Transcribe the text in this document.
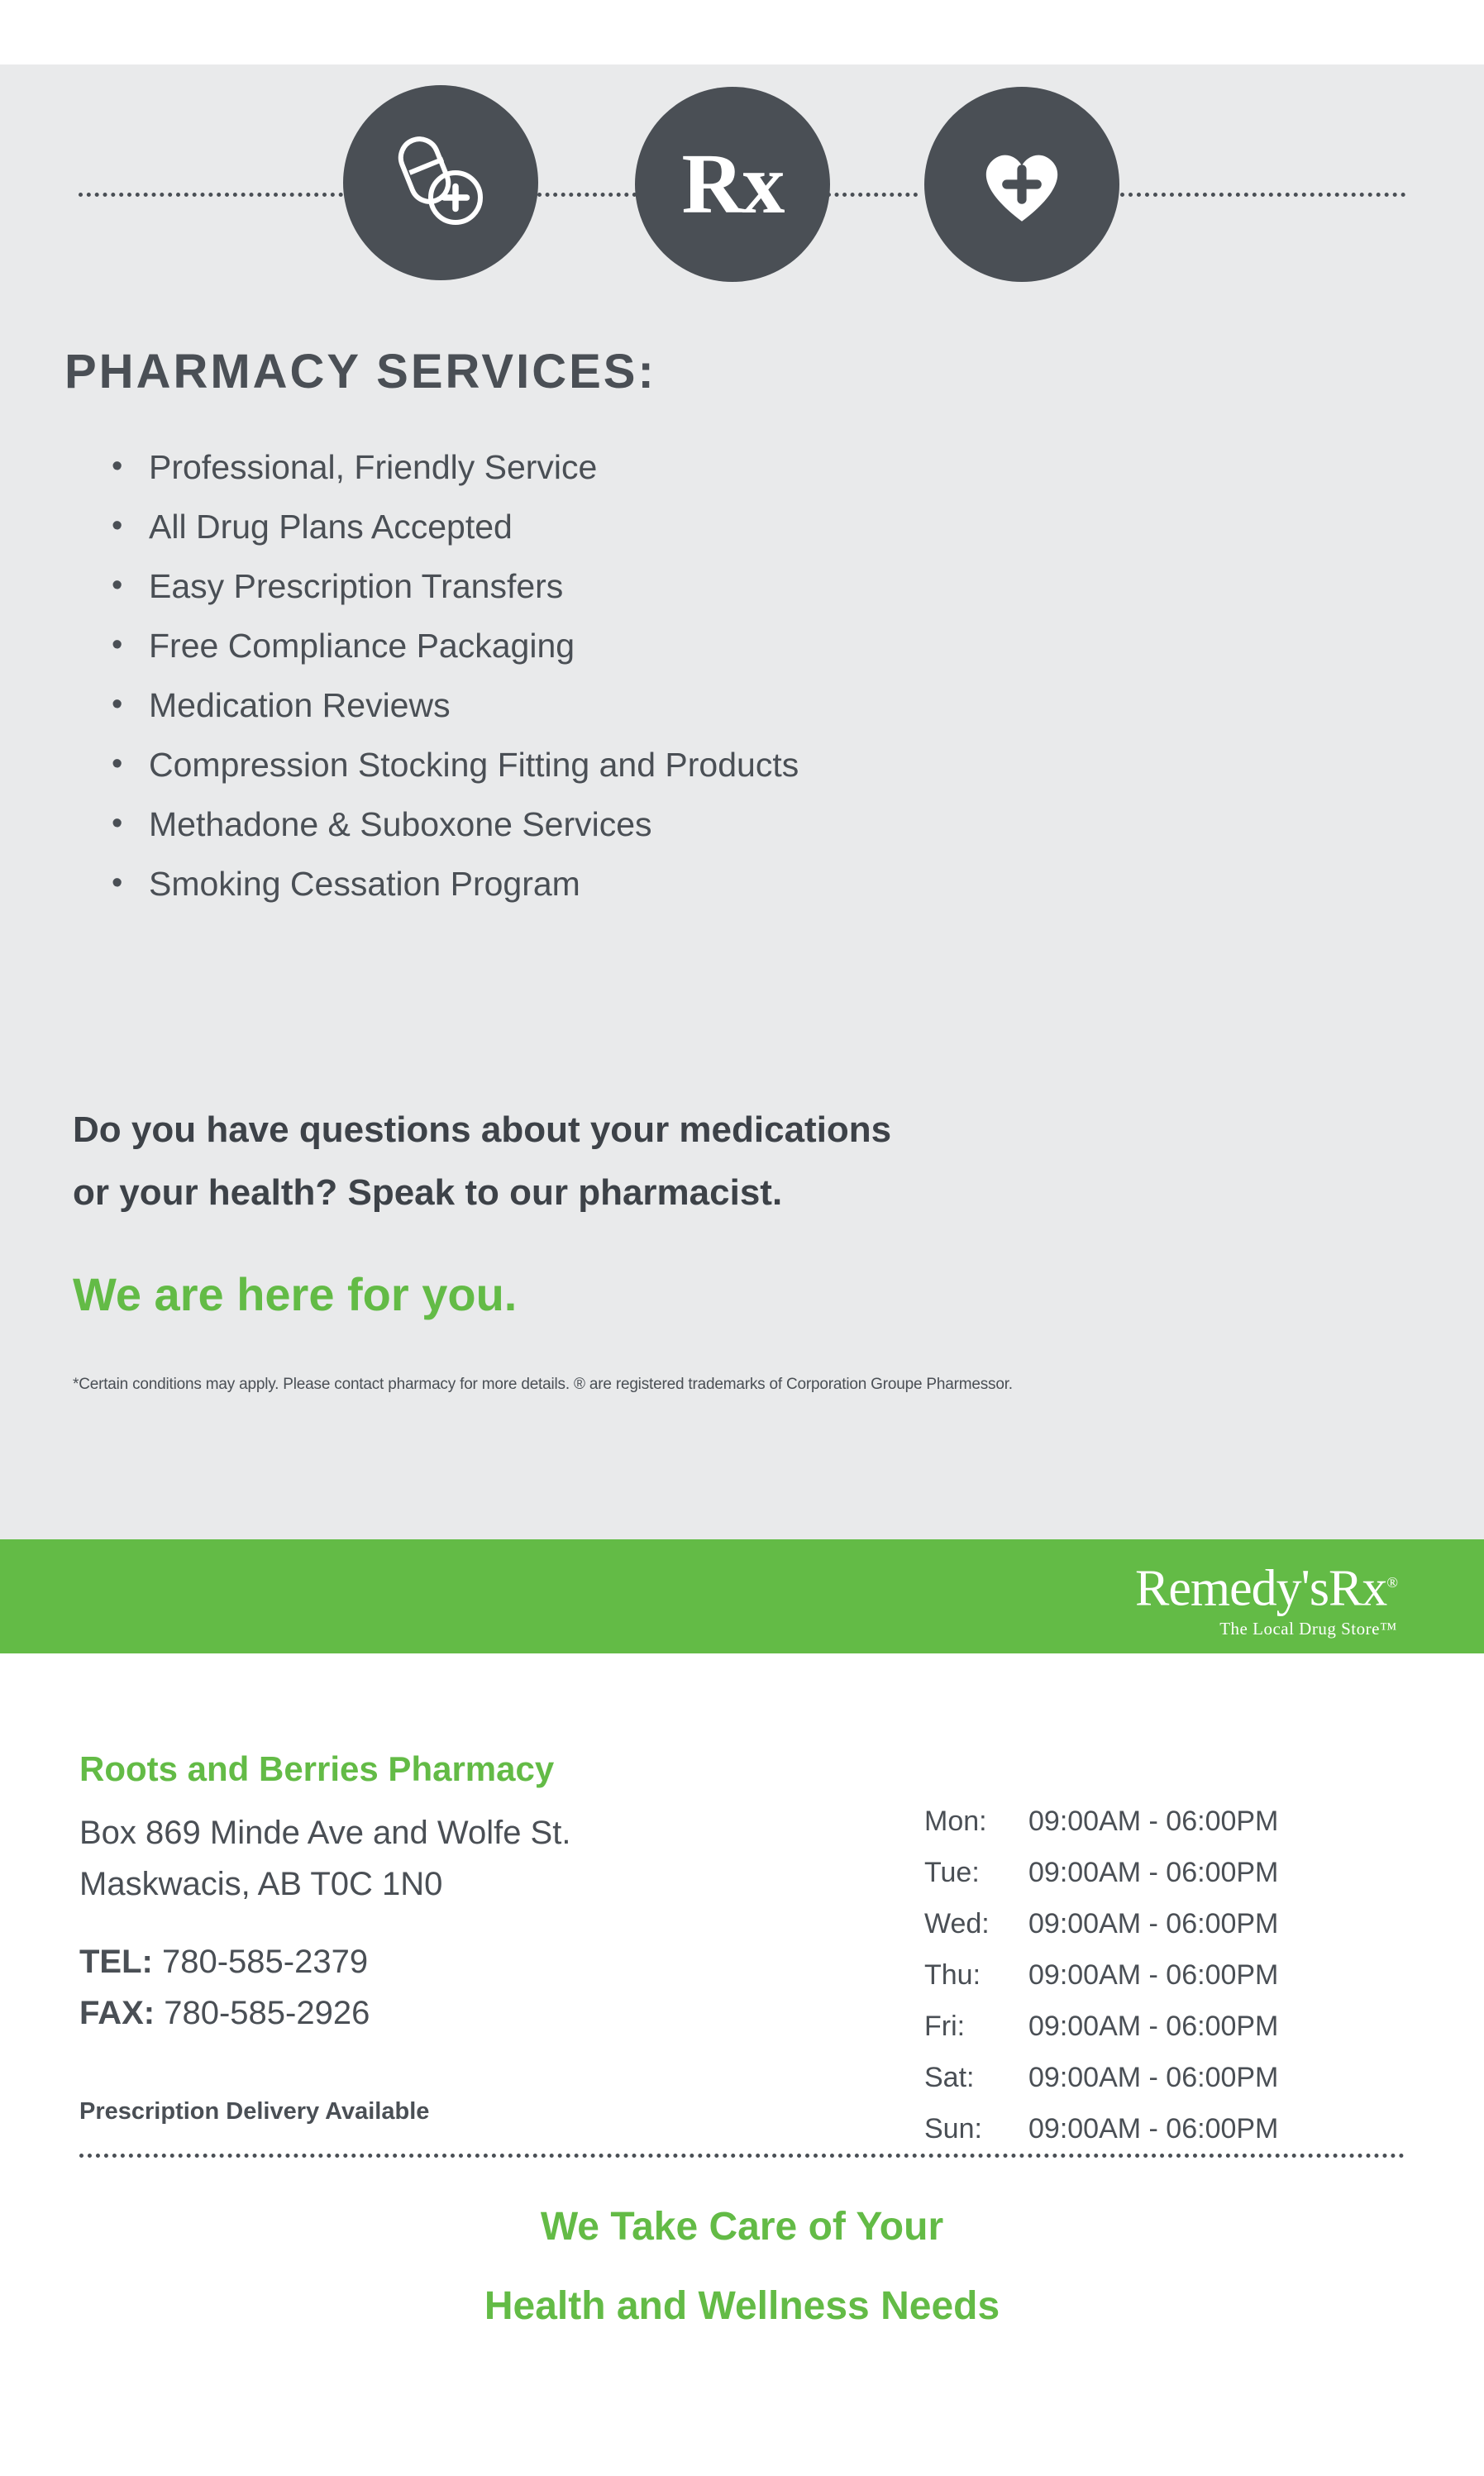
Rx
PHARMACY SERVICES:
• Professional, Friendly Service
• All Drug Plans Accepted
• Easy Prescription Transfers
• Free Compliance Packaging
• Medication Reviews
• Compression Stocking Fitting and Products
• Methadone & Suboxone Services
• Smoking Cessation Program
Do you have questions about your medications
or your health? Speak to our pharmacist.
We are here for you.
*Certain conditions may apply. Please contact pharmacy for more details. ® are registered trademarks of Corporation Groupe Pharmessor.
Remedy'sRx®
The Local Drug Store™
Roots and Berries Pharmacy
Box 869 Minde Ave and Wolfe St.
Maskwacis, AB T0C 1N0
TEL: 780-585-2379
FAX: 780-585-2926
Prescription Delivery Available
Mon:	09:00AM - 06:00PM
Tue:	09:00AM - 06:00PM
Wed:	09:00AM - 06:00PM
Thu:	09:00AM - 06:00PM
Fri:	09:00AM - 06:00PM
Sat:	09:00AM - 06:00PM
Sun:	09:00AM - 06:00PM
We Take Care of Your
Health and Wellness Needs
